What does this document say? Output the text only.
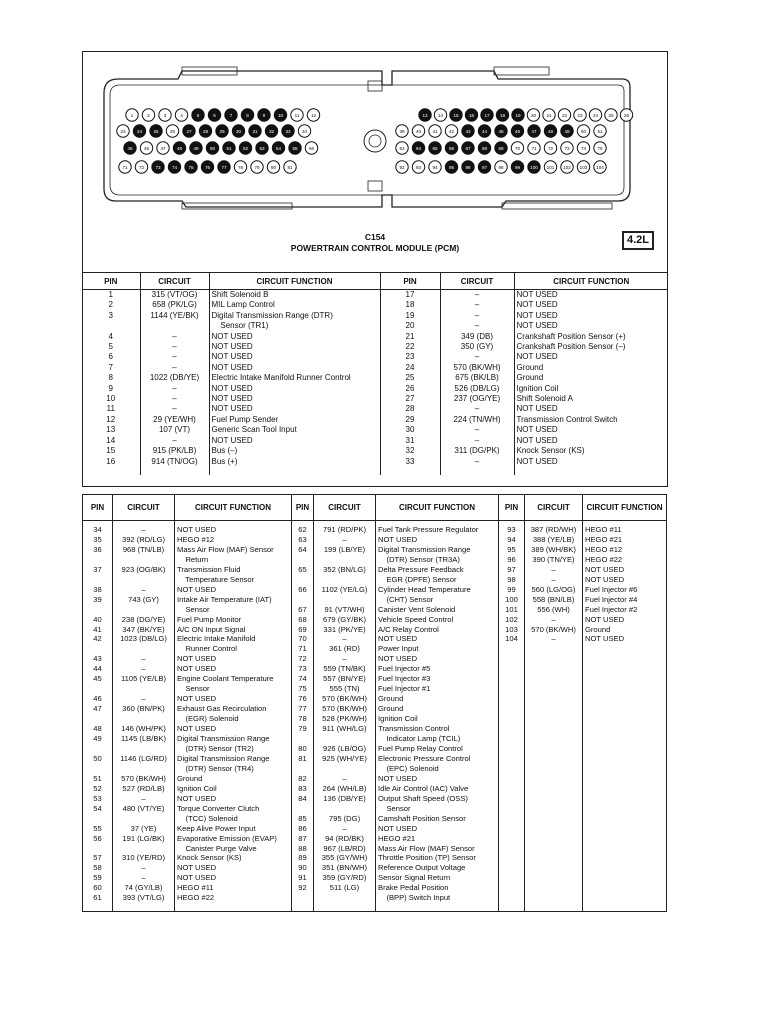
1	2	3	4	5	6	7	8	9	10	11	12
23 24 25 26 27 28 29 30 31 32 33 34
45 46 47 48 49 50 51 52 53 54 55 56
71 72 73 74 75 76 77 78 79 80 81
13 14 15 16 17 18 19 20 21 22 23 24 25 26
39 40 41 42 43 44 45 46 47 48 49 50 51
63 64 65 66 67 68 69 70 71 72 73 74 75
92 93 94 95 96 97 98 99 100 101 102 103 104
C154
POWERTRAIN CONTROL MODULE (PCM)
4.2L
PIN	CIRCUIT	CIRCUIT FUNCTION	PIN	CIRCUIT	CIRCUIT FUNCTION
1	315 (VT/OG)	Shift Solenoid B	17	–	NOT USED
2	658 (PK/LG)	MIL Lamp Control	18	–	NOT USED
3	1144 (YE/BK)	Digital Transmission Range (DTR)	19	–	NOT USED
		Sensor (TR1)	20	–	NOT USED
4	–	NOT USED	21	349 (DB)	Crankshaft Position Sensor (+)
5	–	NOT USED	22	350 (GY)	Crankshaft Position Sensor (–)
6	–	NOT USED	23	–	NOT USED
7	–	NOT USED	24	570 (BK/WH)	Ground
8	1022 (DB/YE)	Electric Intake Manifold Runner Control	25	675 (BK/LB)	Ground
9	–	NOT USED	26	526 (DB/LG)	Ignition Coil
10	–	NOT USED	27	237 (OG/YE)	Shift Solenoid A
11	–	NOT USED	28	–	NOT USED
12	29 (YE/WH)	Fuel Pump Sender	29	224 (TN/WH)	Transmission Control Switch
13	107 (VT)	Generic Scan Tool Input	30	–	NOT USED
14	–	NOT USED	31	–	NOT USED
15	915 (PK/LB)	Bus (–)	32	311 (DG/PK)	Knock Sensor (KS)
16	914 (TN/OG)	Bus (+)	33	–	NOT USED

PIN	CIRCUIT	CIRCUIT FUNCTION	PIN	CIRCUIT	CIRCUIT FUNCTION	PIN	CIRCUIT	CIRCUIT FUNCTION
34	–	NOT USED	62	791 (RD/PK)	Fuel Tank Pressure Regulator	93	387 (RD/WH)	HEGO #11
35	392 (RD/LG)	HEGO #12	63	–	NOT USED	94	388 (YE/LB)	HEGO #21
36	968 (TN/LB)	Mass Air Flow (MAF) Sensor	64	199 (LB/YE)	Digital Transmission Range	95	389 (WH/BK)	HEGO #12
		Return			(DTR) Sensor (TR3A)	96	390 (TN/YE)	HEGO #22
37	923 (OG/BK)	Transmission Fluid	65	352 (BN/LG)	Delta Pressure Feedback	97	–	NOT USED
		Temperature Sensor			EGR (DPFE) Sensor	98	–	NOT USED
38	–	NOT USED	66	1102 (YE/LG)	Cylinder Head Temperature	99	560 (LG/OG)	Fuel Injector #6
39	743 (GY)	Intake Air Temperature (IAT)			(CHT) Sensor	100	558 (BN/LB)	Fuel Injector #4
		Sensor	67	91 (VT/WH)	Canister Vent Solenoid	101	556 (WH)	Fuel Injector #2
40	238 (DG/YE)	Fuel Pump Monitor	68	679 (GY/BK)	Vehicle Speed Control	102	–	NOT USED
41	347 (BK/YE)	A/C ON Input Signal	69	331 (PK/YE)	A/C Relay Control	103	570 (BK/WH)	Ground
42	1023 (DB/LG)	Electric Intake Manifold	70	–	NOT USED	104	–	NOT USED
		Runner Control	71	361 (RD)	Power Input			
43	–	NOT USED	72	–	NOT USED			
44	–	NOT USED	73	559 (TN/BK)	Fuel Injector #5			
45	1105 (YE/LB)	Engine Coolant Temperature	74	557 (BN/YE)	Fuel Injector #3			
		Sensor	75	555 (TN)	Fuel Injector #1			
46	–	NOT USED	76	570 (BK/WH)	Ground			
47	360 (BN/PK)	Exhaust Gas Recirculation	77	570 (BK/WH)	Ground			
		(EGR) Solenoid	78	528 (PK/WH)	Ignition Coil			
48	146 (WH/PK)	NOT USED	79	911 (WH/LG)	Transmission Control			
49	1145 (LB/BK)	Digital Transmission Range			Indicator Lamp (TCIL)			
		(DTR) Sensor (TR2)	80	926 (LB/OG)	Fuel Pump Relay Control			
50	1146 (LG/RD)	Digital Transmission Range	81	925 (WH/YE)	Electronic Pressure Control			
		(DTR) Sensor (TR4)			(EPC) Solenoid			
51	570 (BK/WH)	Ground	82	–	NOT USED			
52	527 (RD/LB)	Ignition Coil	83	264 (WH/LB)	Idle Air Control (IAC) Valve			
53	–	NOT USED	84	136 (DB/YE)	Output Shaft Speed (OSS)			
54	480 (VT/YE)	Torque Converter Clutch			Sensor			
		(TCC) Solenoid	85	795 (DG)	Camshaft Position Sensor			
55	37 (YE)	Keep Alive Power Input	86	–	NOT USED			
56	191 (LG/BK)	Evaporative Emission (EVAP)	87	94 (RD/BK)	HEGO #21			
		Canister Purge Valve	88	967 (LB/RD)	Mass Air Flow (MAF) Sensor			
57	310 (YE/RD)	Knock Sensor (KS)	89	355 (GY/WH)	Throttle Position (TP) Sensor			
58	–	NOT USED	90	351 (BN/WH)	Reference Output Voltage			
59	–	NOT USED	91	359 (GY/RD)	Sensor Signal Return			
60	74 (GY/LB)	HEGO #11	92	511 (LG)	Brake Pedal Position			
61	393 (VT/LG)	HEGO #22			(BPP) Switch Input			
